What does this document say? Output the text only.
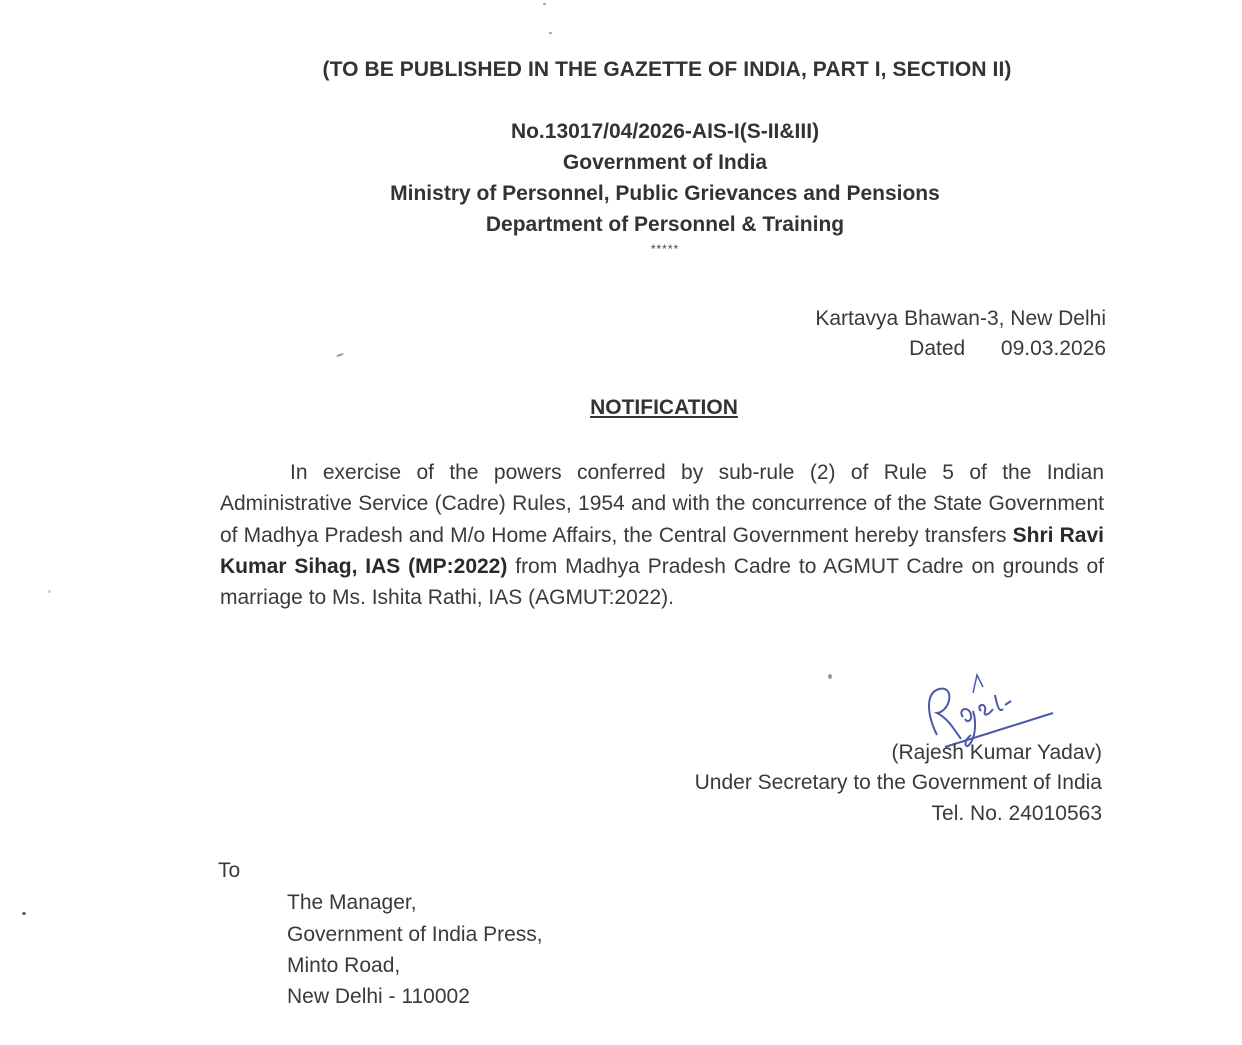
(TO BE PUBLISHED IN THE GAZETTE OF INDIA, PART I, SECTION II)
No.13017/04/2026-AIS-I(S-II&III)
Government of India
Ministry of Personnel, Public Grievances and Pensions
Department of Personnel & Training
*****
Kartavya Bhawan-3, New Delhi
Dated 09.03.2026
NOTIFICATION
In exercise of the powers conferred by sub-rule (2) of Rule 5 of the Indian Administrative Service (Cadre) Rules, 1954 and with the concurrence of the State Government of Madhya Pradesh and M/o Home Affairs, the Central Government hereby transfers Shri Ravi Kumar Sihag, IAS (MP:2022) from Madhya Pradesh Cadre to AGMUT Cadre on grounds of marriage to Ms. Ishita Rathi, IAS (AGMUT:2022).
(Rajesh Kumar Yadav)
Under Secretary to the Government of India
Tel. No. 24010563
To
The Manager,
Government of India Press,
Minto Road,
New Delhi - 110002
